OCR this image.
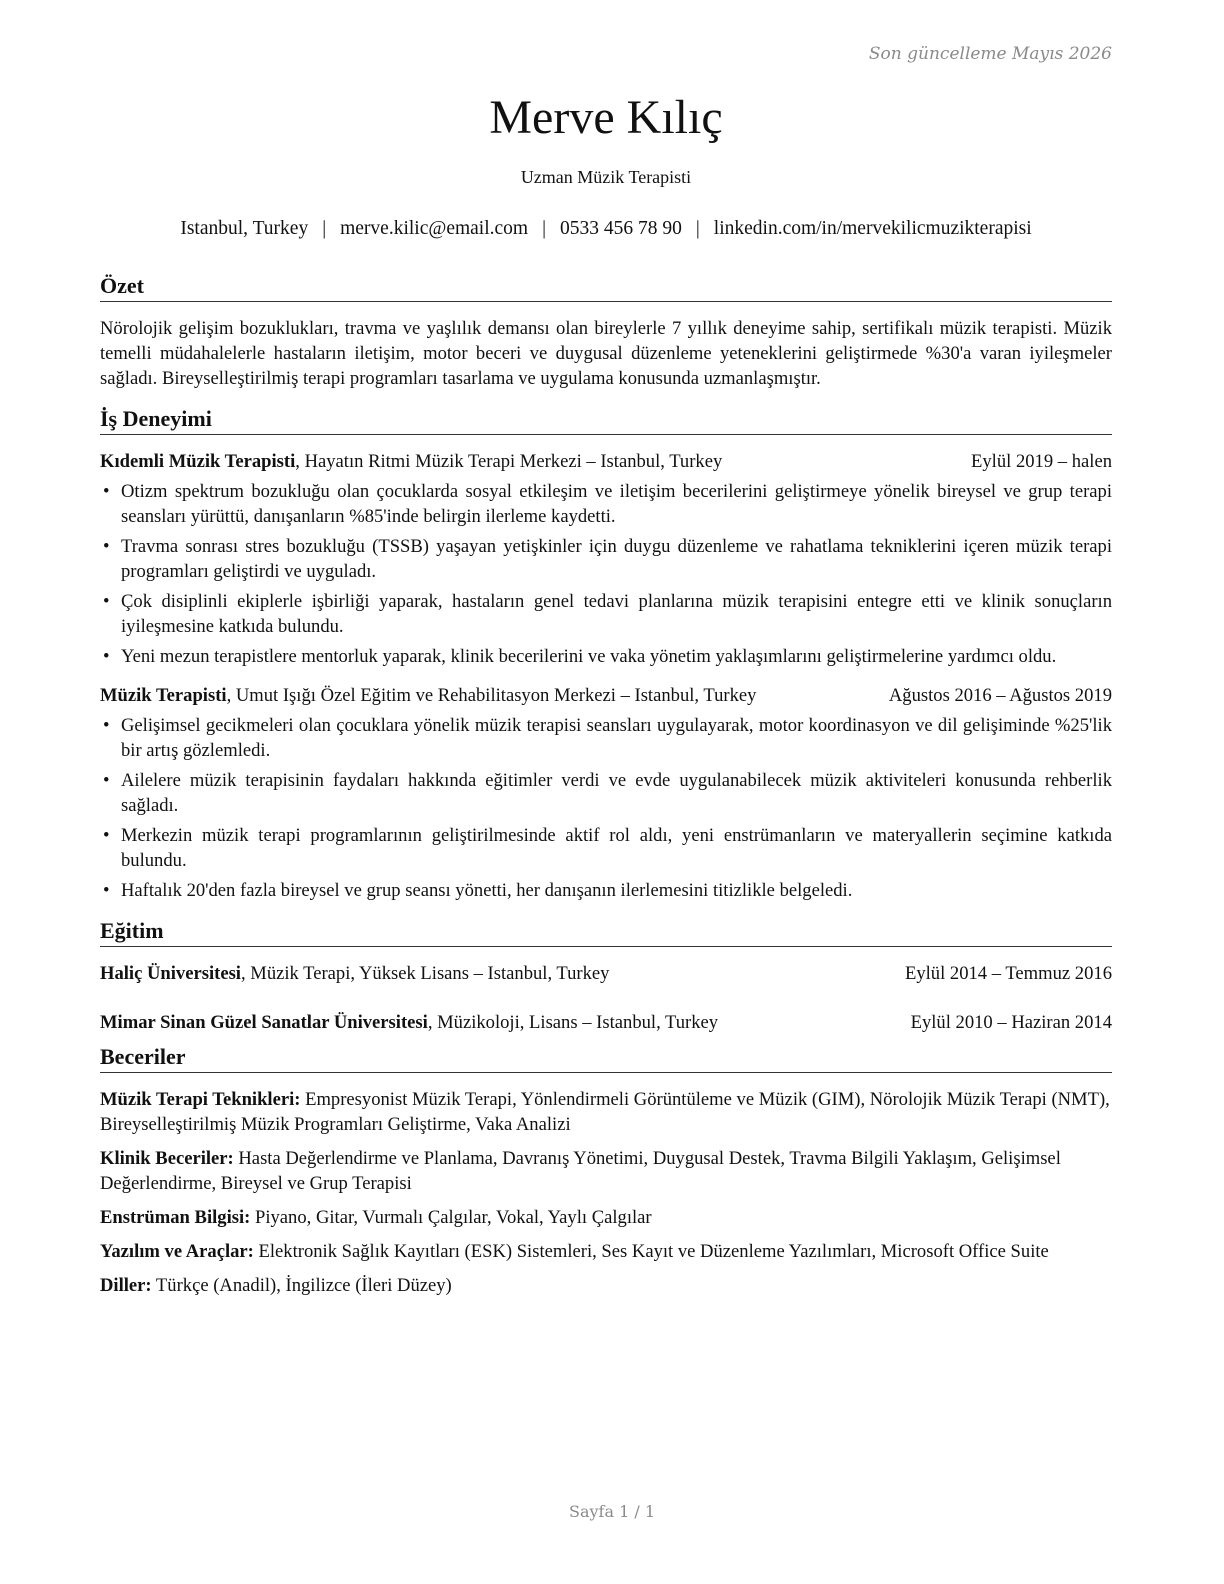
Son güncelleme Mayıs 2026
Merve Kılıç
Uzman Müzik Terapisti
Istanbul, Turkey | merve.kilic@email.com | 0533 456 78 90 | linkedin.com/in/mervekilicmuzikterapisi
Özet
Nörolojik gelişim bozuklukları, travma ve yaşlılık demansı olan bireylerle 7 yıllık deneyime sahip, sertifikalı müzik terapisti. Müzik temelli müdahalelerle hastaların iletişim, motor beceri ve duygusal düzenleme yeteneklerini geliştirmede %30'a varan iyileşmeler sağladı. Bireyselleştirilmiş terapi programları tasarlama ve uygulama konusunda uzmanlaşmıştır.
İş Deneyimi
Kıdemli Müzik Terapisti, Hayatın Ritmi Müzik Terapi Merkezi – Istanbul, Turkey	Eylül 2019 – halen
• Otizm spektrum bozukluğu olan çocuklarda sosyal etkileşim ve iletişim becerilerini geliştirmeye yönelik bireysel ve grup terapi seansları yürüttü, danışanların %85'inde belirgin ilerleme kaydetti.
• Travma sonrası stres bozukluğu (TSSB) yaşayan yetişkinler için duygu düzenleme ve rahatlama tekniklerini içeren müzik terapi programları geliştirdi ve uyguladı.
• Çok disiplinli ekiplerle işbirliği yaparak, hastaların genel tedavi planlarına müzik terapisini entegre etti ve klinik sonuçların iyileşmesine katkıda bulundu.
• Yeni mezun terapistlere mentorluk yaparak, klinik becerilerini ve vaka yönetim yaklaşımlarını geliştirmelerine yardımcı oldu.
Müzik Terapisti, Umut Işığı Özel Eğitim ve Rehabilitasyon Merkezi – Istanbul, Turkey	Ağustos 2016 – Ağustos 2019
• Gelişimsel gecikmeleri olan çocuklara yönelik müzik terapisi seansları uygulayarak, motor koordinasyon ve dil gelişiminde %25'lik bir artış gözlemledi.
• Ailelere müzik terapisinin faydaları hakkında eğitimler verdi ve evde uygulanabilecek müzik aktiviteleri konusunda rehberlik sağladı.
• Merkezin müzik terapi programlarının geliştirilmesinde aktif rol aldı, yeni enstrümanların ve materyallerin seçimine katkıda bulundu.
• Haftalık 20'den fazla bireysel ve grup seansı yönetti, her danışanın ilerlemesini titizlikle belgeledi.
Eğitim
Haliç Üniversitesi, Müzik Terapi, Yüksek Lisans – Istanbul, Turkey	Eylül 2014 – Temmuz 2016
Mimar Sinan Güzel Sanatlar Üniversitesi, Müzikoloji, Lisans – Istanbul, Turkey	Eylül 2010 – Haziran 2014
Beceriler
Müzik Terapi Teknikleri: Empresyonist Müzik Terapi, Yönlendirmeli Görüntüleme ve Müzik (GIM), Nörolojik Müzik Terapi (NMT), Bireyselleştirilmiş Müzik Programları Geliştirme, Vaka Analizi
Klinik Beceriler: Hasta Değerlendirme ve Planlama, Davranış Yönetimi, Duygusal Destek, Travma Bilgili Yaklaşım, Gelişimsel Değerlendirme, Bireysel ve Grup Terapisi
Enstrüman Bilgisi: Piyano, Gitar, Vurmalı Çalgılar, Vokal, Yaylı Çalgılar
Yazılım ve Araçlar: Elektronik Sağlık Kayıtları (ESK) Sistemleri, Ses Kayıt ve Düzenleme Yazılımları, Microsoft Office Suite
Diller: Türkçe (Anadil), İngilizce (İleri Düzey)
Sayfa 1 / 1
